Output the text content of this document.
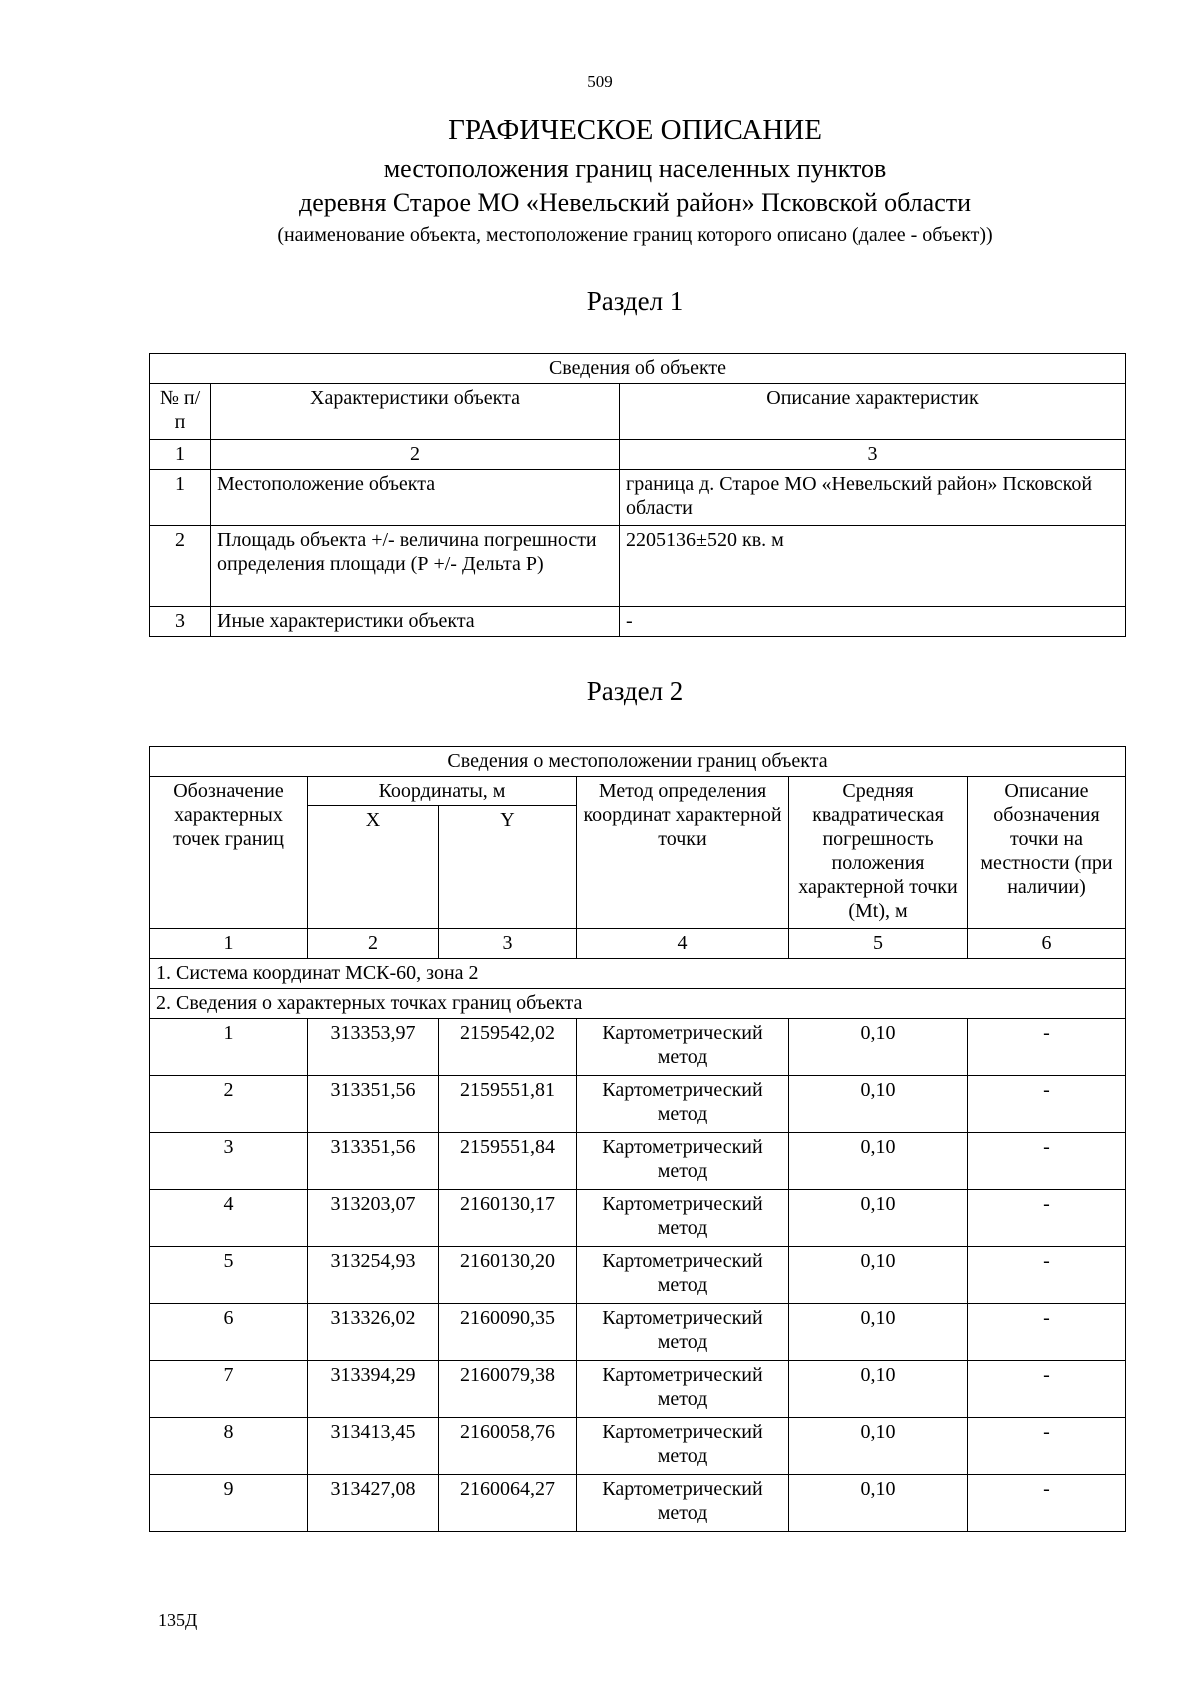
509
ГРАФИЧЕСКОЕ ОПИСАНИЕ
местоположения границ населенных пунктов
деревня Старое МО «Невельский район» Псковской области
(наименование объекта, местоположение границ которого описано (далее - объект))
Раздел 1
Сведения об объекте		
№ п/п	Характеристики объекта	Описание характеристик
1	2	3
1	Местоположение объекта	граница д. Старое МО «Невельский район» Псковской области
2	Площадь объекта +/- величина погрешности определения площади (Р +/- Дельта Р)	2205136±520 кв. м
3	Иные характеристики объекта	-
Раздел 2
Сведения о местоположении границ объекта					
Обозначение характерных точек границ	Координаты, м		Метод определения координат характерной точки	Средняя квадратическая погрешность положения характерной точки (Mt), м	Описание обозначения точки на местности (при наличии)
	X	Y			
1	2	3	4	5	6
1. Система координат МСК-60, зона 2					
2. Сведения о характерных точках границ объекта					
1	313353,97	2159542,02	Картометрический метод	0,10	-
2	313351,56	2159551,81	Картометрический метод	0,10	-
3	313351,56	2159551,84	Картометрический метод	0,10	-
4	313203,07	2160130,17	Картометрический метод	0,10	-
5	313254,93	2160130,20	Картометрический метод	0,10	-
6	313326,02	2160090,35	Картометрический метод	0,10	-
7	313394,29	2160079,38	Картометрический метод	0,10	-
8	313413,45	2160058,76	Картометрический метод	0,10	-
9	313427,08	2160064,27	Картометрический метод	0,10	-
135Д
